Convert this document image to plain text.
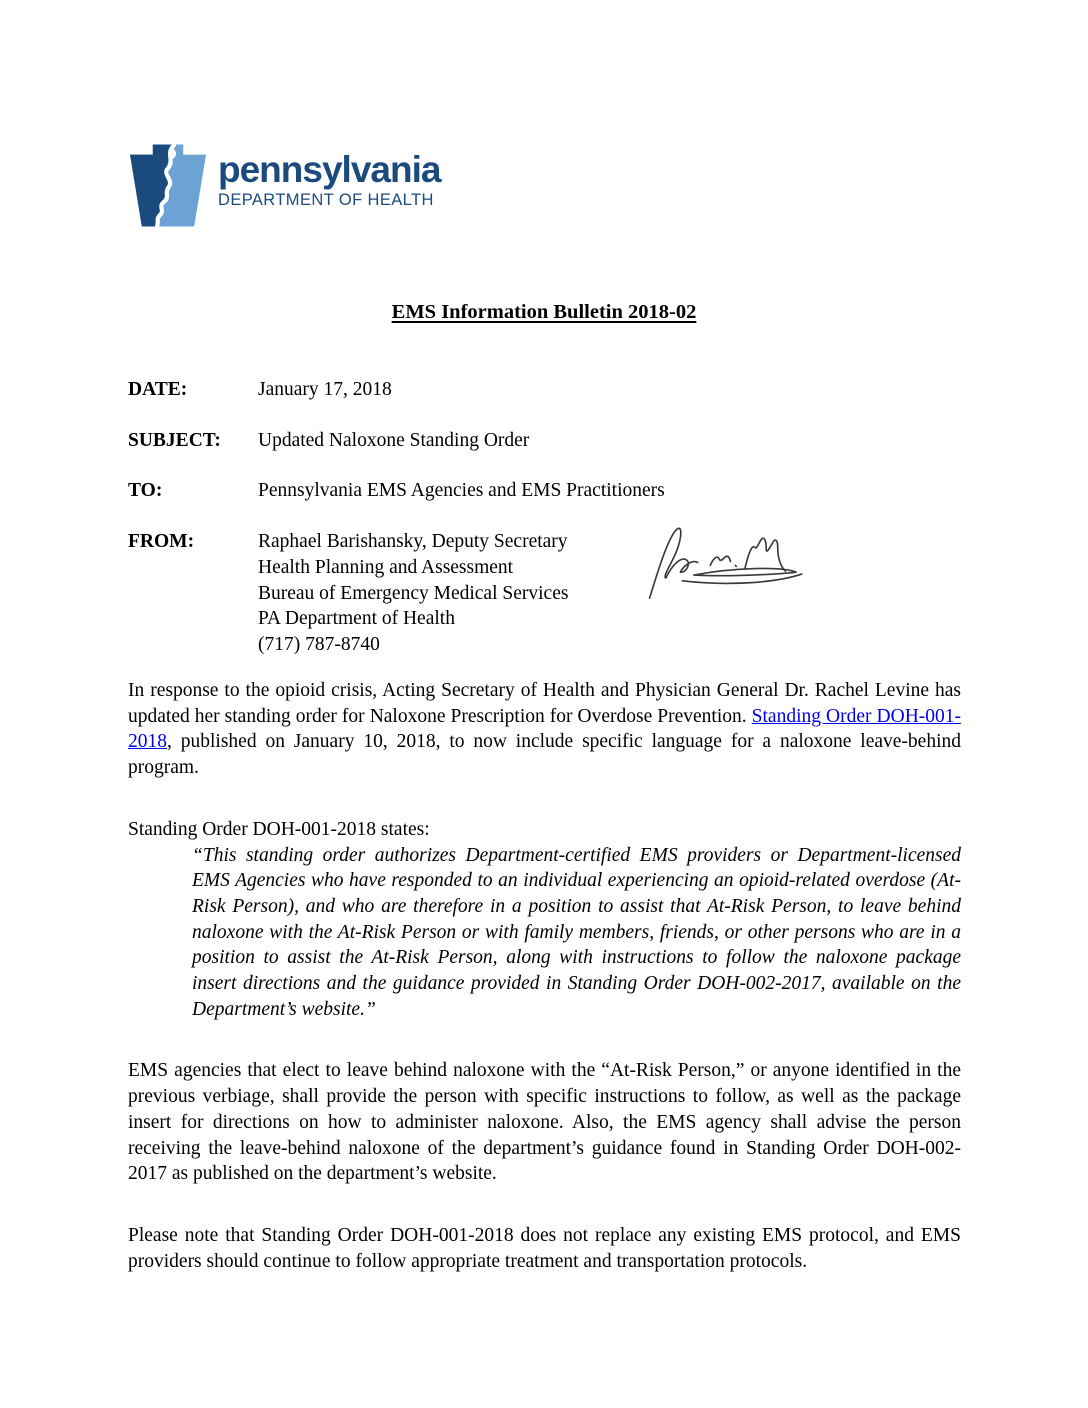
pennsylvania
DEPARTMENT OF HEALTH
EMS Information Bulletin 2018-02
DATE:	January 17, 2018
SUBJECT:	Updated Naloxone Standing Order
TO:	Pennsylvania EMS Agencies and EMS Practitioners
FROM:	Raphael Barishansky, Deputy Secretary
Health Planning and Assessment
Bureau of Emergency Medical Services
PA Department of Health
(717) 787-8740

In response to the opioid crisis, Acting Secretary of Health and Physician General Dr. Rachel Levine has updated her standing order for Naloxone Prescription for Overdose Prevention. Standing Order DOH-001-2018, published on January 10, 2018, to now include specific language for a naloxone leave-behind program.

Standing Order DOH-001-2018 states:

“This standing order authorizes Department-certified EMS providers or Department-licensed EMS Agencies who have responded to an individual experiencing an opioid-related overdose (At-Risk Person), and who are therefore in a position to assist that At-Risk Person, to leave behind naloxone with the At-Risk Person or with family members, friends, or other persons who are in a position to assist the At-Risk Person, along with instructions to follow the naloxone package insert directions and the guidance provided in Standing Order DOH-002-2017, available on the Department’s website.”

EMS agencies that elect to leave behind naloxone with the “At-Risk Person,” or anyone identified in the previous verbiage, shall provide the person with specific instructions to follow, as well as the package insert for directions on how to administer naloxone. Also, the EMS agency shall advise the person receiving the leave-behind naloxone of the department’s guidance found in Standing Order DOH-002-2017 as published on the department’s website.

Please note that Standing Order DOH-001-2018 does not replace any existing EMS protocol, and EMS providers should continue to follow appropriate treatment and transportation protocols.
